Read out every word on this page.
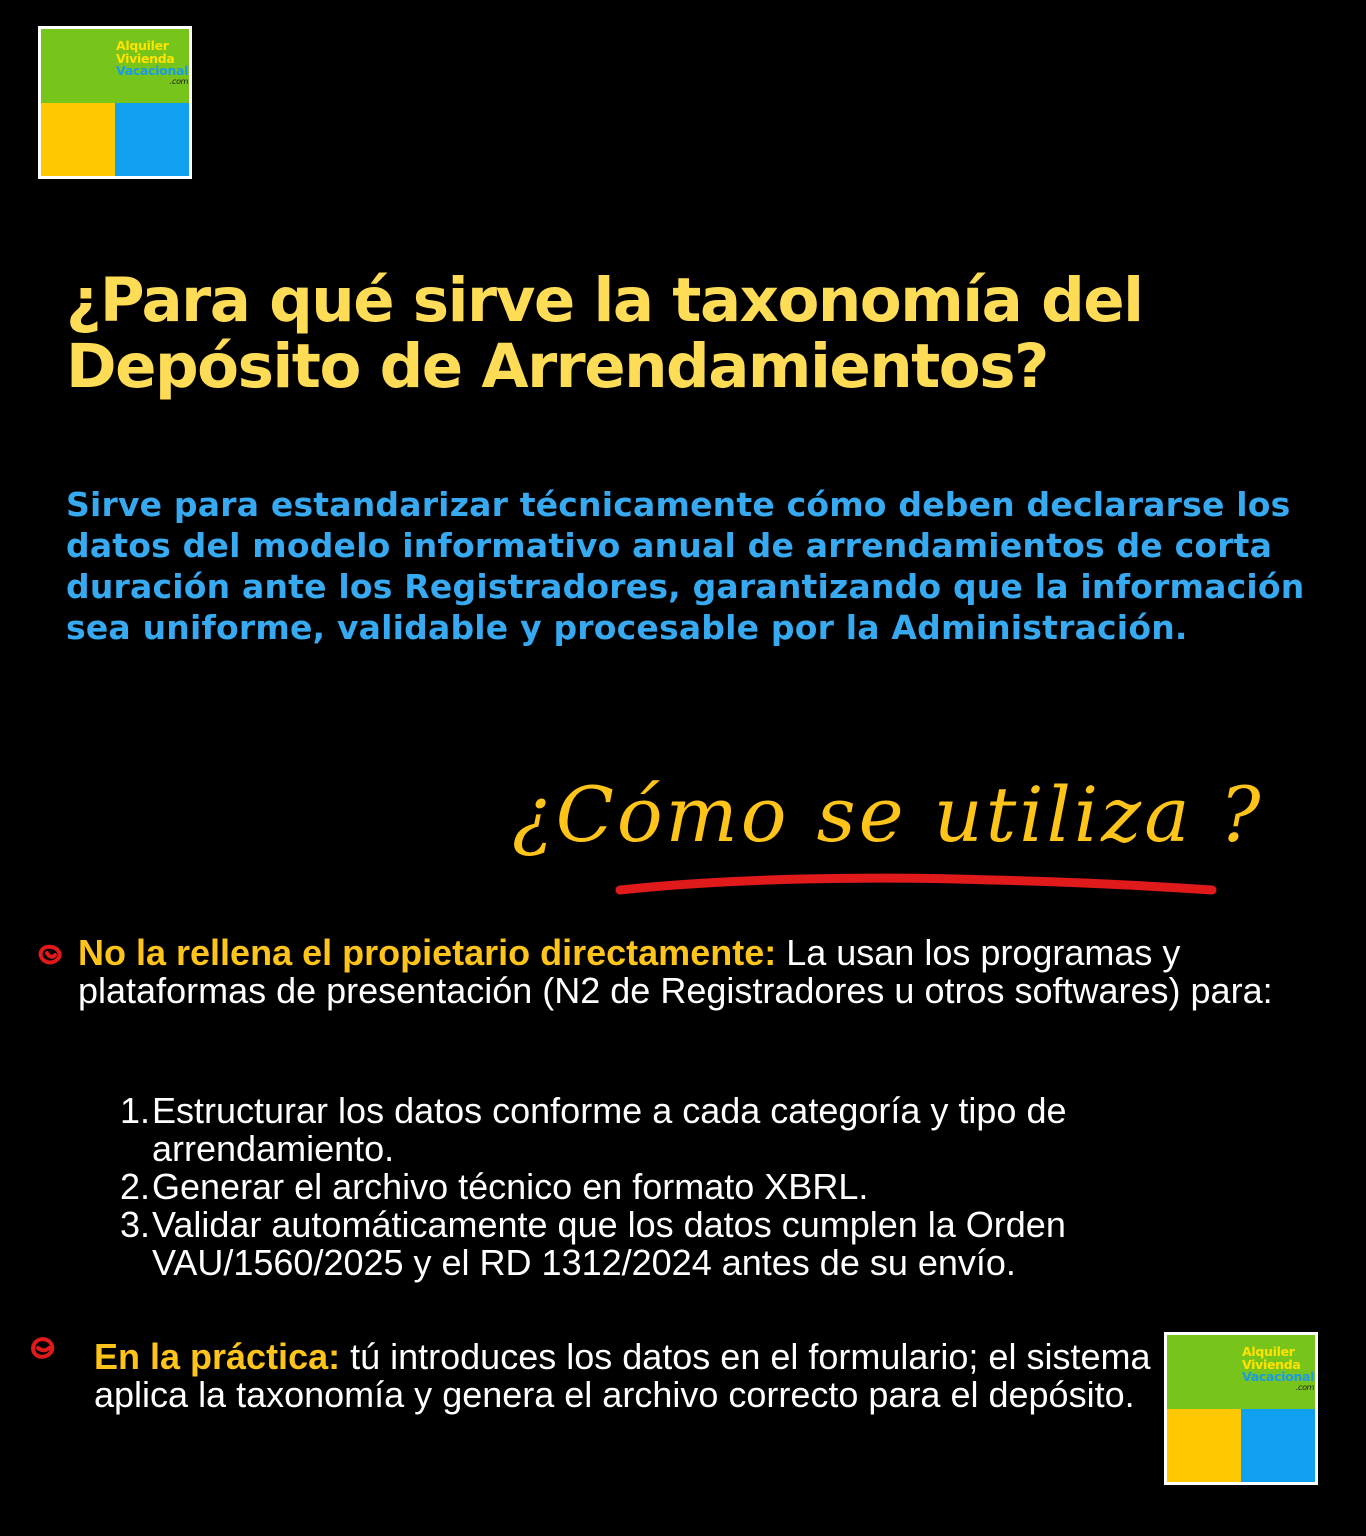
Alquiler
Vivienda
Vacacional
.com
¿Para qué sirve la taxonomía del Depósito de Arrendamientos?

Sirve para estandarizar técnicamente cómo deben declararse los datos del modelo informativo anual de arrendamientos de corta duración ante los Registradores, garantizando que la información sea uniforme, validable y procesable por la Administración.

¿Cómo se utiliza ?
No la rellena el propietario directamente: La usan los programas y plataformas de presentación (N2 de Registradores u otros softwares) para:
1. Estructurar los datos conforme a cada categoría y tipo de arrendamiento.
2. Generar el archivo técnico en formato XBRL.
3. Validar automáticamente que los datos cumplen la Orden VAU/1560/2025 y el RD 1312/2024 antes de su envío.
En la práctica: tú introduces los datos en el formulario; el sistema aplica la taxonomía y genera el archivo correcto para el depósito.
Alquiler
Vivienda
Vacacional
.com
